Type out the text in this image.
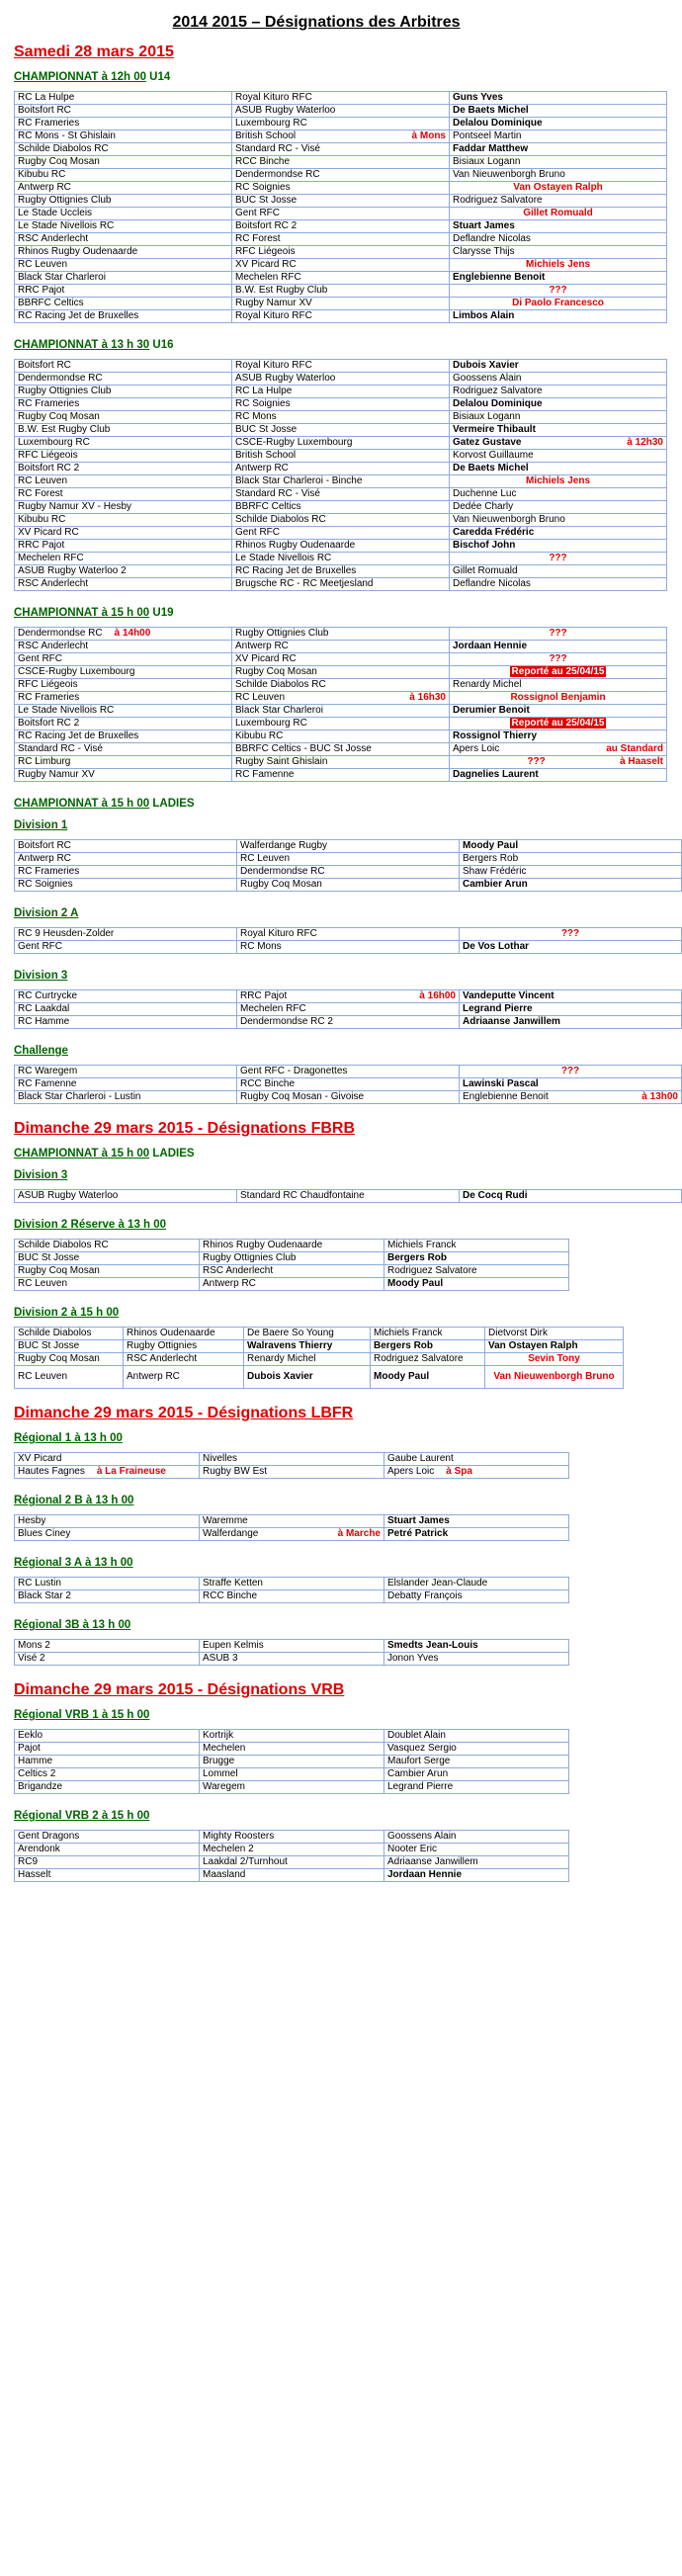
2014 2015 – Désignations des Arbitres
Samedi 28 mars 2015
CHAMPIONNAT à 12h 00 U14
RC La Hulpe	Royal Kituro RFC	Guns Yves
Boitsfort RC	ASUB Rugby Waterloo	De Baets Michel
RC Frameries	Luxembourg RC	Delalou Dominique
RC Mons - St Ghislain	British School à Mons	Pontseel Martin
Schilde Diabolos RC	Standard RC - Visé	Faddar Matthew
Rugby Coq Mosan	RCC Binche	Bisiaux Logann
Kibubu RC	Dendermondse RC	Van Nieuwenborgh Bruno
Antwerp RC	RC Soignies	Van Ostayen Ralph
Rugby Ottignies Club	BUC St Josse	Rodriguez Salvatore
Le Stade Uccleis	Gent RFC	Gillet Romuald
Le Stade Nivellois RC	Boitsfort RC 2	Stuart James
RSC Anderlecht	RC Forest	Deflandre Nicolas
Rhinos Rugby Oudenaarde	RFC Liégeois	Clarysse Thijs
RC Leuven	XV Picard RC	Michiels Jens
Black Star Charleroi	Mechelen RFC	Englebienne Benoit
RRC Pajot	B.W. Est Rugby Club	???
BBRFC Celtics	Rugby Namur XV	Di Paolo Francesco
RC Racing Jet de Bruxelles	Royal Kituro RFC	Limbos Alain
CHAMPIONNAT à 13 h 30 U16
Boitsfort RC	Royal Kituro RFC	Dubois Xavier
Dendermondse RC	ASUB Rugby Waterloo	Goossens Alain
Rugby Ottignies Club	RC La Hulpe	Rodriguez Salvatore
RC Frameries	RC Soignies	Delalou Dominique
Rugby Coq Mosan	RC Mons	Bisiaux Logann
B.W. Est Rugby Club	BUC St Josse	Vermeire Thibault
Luxembourg RC	CSCE-Rugby Luxembourg	Gatez Gustave à 12h30

RFC Liégeois	British School	Korvost Guillaume
Boitsfort RC 2	Antwerp RC	De Baets Michel
RC Leuven	Black Star Charleroi - Binche	Michiels Jens
RC Forest	Standard RC - Visé	Duchenne Luc
Rugby Namur XV - Hesby	BBRFC Celtics	Dedée Charly
Kibubu RC	Schilde Diabolos RC	Van Nieuwenborgh Bruno
XV Picard RC	Gent RFC	Caredda Frédéric
RRC Pajot	Rhinos Rugby Oudenaarde	Bischof John
Mechelen RFC	Le Stade Nivellois RC	???
ASUB Rugby Waterloo 2	RC Racing Jet de Bruxelles	Gillet Romuald
RSC Anderlecht	Brugsche RC - RC Meetjesland	Deflandre Nicolas
CHAMPIONNAT à 15 h 00 U19
Dendermondse RC à 14h00	Rugby Ottignies Club	???
RSC Anderlecht	Antwerp RC	Jordaan Hennie
Gent RFC	XV Picard RC	???
CSCE-Rugby Luxembourg	Rugby Coq Mosan	Reporté au 25/04/15
RFC Liégeois	Schilde Diabolos RC	Renardy Michel
RC Frameries	RC Leuven à 16h30	Rossignol Benjamin
Le Stade Nivellois RC	Black Star Charleroi	Derumier Benoit
Boitsfort RC 2	Luxembourg RC	Reporté au 25/04/15
RC Racing Jet de Bruxelles	Kibubu RC	Rossignol Thierry
Standard RC - Visé	BBRFC Celtics - BUC St Josse	Apers Loic au Standard

RC Limburg	Rugby Saint Ghislain	??? à Haaselt

Rugby Namur XV	RC Famenne	Dagnelies Laurent
CHAMPIONNAT à 15 h 00 LADIES
Division 1
Boitsfort RC	Walferdange Rugby	Moody Paul
Antwerp RC	RC Leuven	Bergers Rob
RC Frameries	Dendermondse RC	Shaw Frédéric
RC Soignies	Rugby Coq Mosan	Cambier Arun
Division 2 A
RC 9 Heusden-Zolder	Royal Kituro RFC	???
Gent RFC	RC Mons	De Vos Lothar
Division 3
RC Curtrycke	RRC Pajot à 16h00	Vandeputte Vincent
RC Laakdal	Mechelen RFC	Legrand Pierre
RC Hamme	Dendermondse RC 2	Adriaanse Janwillem
Challenge
RC Waregem	Gent RFC - Dragonettes	???
RC Famenne	RCC Binche	Lawinski Pascal
Black Star Charleroi - Lustin	Rugby Coq Mosan - Givoise	Englebienne Benoit à 13h00
Dimanche 29 mars 2015 - Désignations FBRB
CHAMPIONNAT à 15 h 00 LADIES
Division 3
ASUB Rugby Waterloo	Standard RC Chaudfontaine	De Cocq Rudi
Division 2 Réserve à 13 h 00
Schilde Diabolos RC	Rhinos Rugby Oudenaarde	Michiels Franck
BUC St Josse	Rugby Ottignies Club	Bergers Rob
Rugby Coq Mosan	RSC Anderlecht	Rodriguez Salvatore
RC Leuven	Antwerp RC	Moody Paul
Division 2 à 15 h 00
Schilde Diabolos	Rhinos Oudenaarde	De Baere So Young	Michiels Franck	Dietvorst Dirk
BUC St Josse	Rugby Ottignies	Walravens Thierry	Bergers Rob	Van Ostayen Ralph
Rugby Coq Mosan	RSC Anderlecht	Renardy Michel	Rodriguez Salvatore	Sevin Tony
RC Leuven	Antwerp RC	Dubois Xavier	Moody Paul	Van Nieuwenborgh Bruno
Dimanche 29 mars 2015 - Désignations LBFR
Régional 1 à 13 h 00
XV Picard	Nivelles	Gaube Laurent
Hautes Fagnes à La Fraineuse	Rugby BW Est	Apers Loic à Spa
Régional 2 B à 13 h 00
Hesby	Waremme	Stuart James
Blues Ciney	Walferdange à Marche	Petré Patrick
Régional 3 A à 13 h 00
RC Lustin	Straffe Ketten	Elslander Jean-Claude
Black Star 2	RCC Binche	Debatty François
Régional 3B à 13 h 00
Mons 2	Eupen Kelmis	Smedts Jean-Louis
Visé 2	ASUB 3	Jonon Yves
Dimanche 29 mars 2015 - Désignations VRB
Régional VRB 1 à 15 h 00
Eeklo	Kortrijk	Doublet Alain
Pajot	Mechelen	Vasquez Sergio
Hamme	Brugge	Maufort Serge
Celtics 2	Lommel	Cambier Arun
Brigandze	Waregem	Legrand Pierre
Régional VRB 2 à 15 h 00
Gent Dragons	Mighty Roosters	Goossens Alain
Arendonk	Mechelen 2	Nooter Eric
RC9	Laakdal 2/Turnhout	Adriaanse Janwillem
Hasselt	Maasland	Jordaan Hennie
